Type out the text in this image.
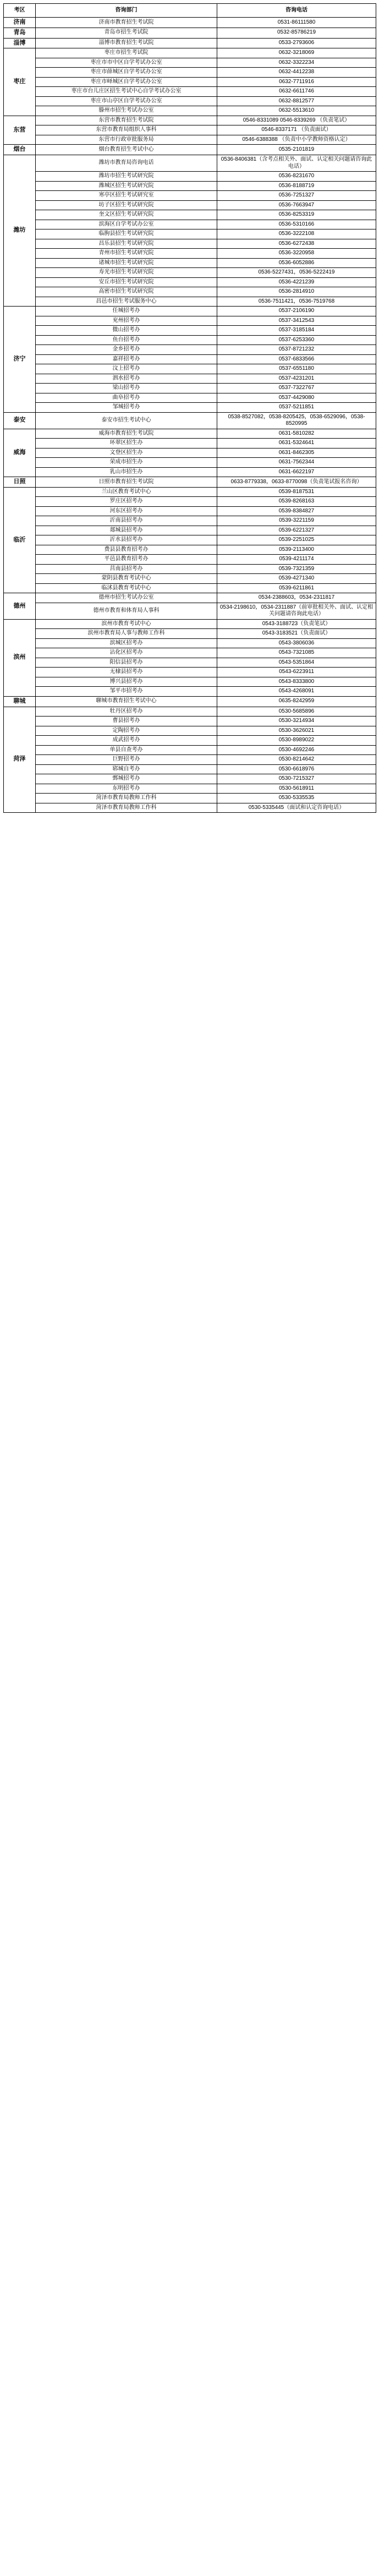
考区	咨询部门	咨询电话
济南	济南市教育招生考试院	0531-86111580
青岛	青岛市招生考试院	0532-85786219
淄博	淄博市教育招生考试院	0533-2793606
枣庄	枣庄市招生考试院	0632-3218069
	枣庄市市中区自学考试办公室	0632-3322234
	枣庄市薛城区自学考试办公室	0632-4412238
	枣庄市峄城区自学考试办公室	0632-7711916
	枣庄市台儿庄区招生考试中心自学考试办公室	0632-6611746
	枣庄市山亭区自学考试办公室	0632-8812577
	滕州市招生考试办公室	0632-5513610
东营	东营市教育招生考试院	0546-8331089 0546-8339269 （负责笔试）
	东营市教育局组织人事科	0546-8337171 （负责面试）
	东营市行政审批服务局	0546-6388388 （负责中小学教师资格认定）
烟台	烟台教育招生考试中心	0535-2101819
潍坊	潍坊市教育局咨询电话	0536-8406381（含考点相关外、面试、认定相关问题请咨询此电话）
	潍坊市招生考试研究院	0536-8231670
	潍城区招生考试研究院	0536-8188719
	寒亭区招生考试研究室	0536-7251327
	坊子区招生考试研究院	0536-7663947
	奎文区招生考试研究院	0536-8253319
	滨海区自学考试办公室	0536-5310166
	临朐县招生考试研究院	0536-3222108
	昌乐县招生考试研究院	0536-6272438
	青州市招生考试研究院	0536-3220958
	诸城市招生考试研究院	0536-6052886
	寿光市招生考试研究院	0536-5227431，0536-5222419
	安丘市招生考试研究院	0536-4221239
	高密市招生考试研究院	0536-2814910
	昌邑市招生考试服务中心	0536-7511421，0536-7519768
济宁	任城招考办	0537-2106190
	兖州招考办	0537-3412543
	微山招考办	0537-3185184
	鱼台招考办	0537-6253360
	金乡招考办	0537-8721232
	嘉祥招考办	0537-6833566
	汶上招考办	0537-6551180
	泗水招考办	0537-4231201
	梁山招考办	0537-7322767
	曲阜招考办	0537-4429080
	邹城招考办	0537-5211851
泰安	泰安市招生考试中心	0538-8527082，0538-8205425，0538-6529096，0538-8520995
威海	威海市教育招生考试院	0631-5810282
	环翠区招生办	0631-5324641
	文登区招生办	0631-8462305
	荣成市招生办	0631-7562344
	乳山市招生办	0631-6622197
日照	日照市教育招生考试院	0633-8779338，0633-8770098（负责笔试报名咨询）
临沂	兰山区教育考试中心	0539-8187531
	罗庄区招考办	0539-8268163
	河东区招考办	0539-8384827
	沂南县招考办	0539-3221159
	郯城县招考办	0539-6221327
	沂水县招考办	0539-2251025
	费县县教育招考办	0539-2113400
	平邑县教育招考办	0539-4211174
	莒南县招考办	0539-7321359
	蒙阴县教育考试中心	0539-4271340
	临沭县教育考试中心	0539-6211861
德州	德州市招生考试办公室	0534-2388603，0534-2311817
	德州市教育和体育局人事科	0534-2198610，0534-2311887（前审批相关外、面试、认定相关问题请咨询此电话）
滨州	滨州市教育考试中心	0543-3188723（负责笔试）
	滨州市教育局人事与教师工作科	0543-3183521（负责面试）
	滨城区招考办	0543-3806036
	沾化区招考办	0543-7321085
	阳信县招考办	0543-5351864
	无棣县招考办	0543-6223911
	博兴县招考办	0543-8333800
	邹平市招考办	0543-4268091
聊城	聊城市教育招生考试中心	0635-8242959
菏泽	牡丹区招考办	0530-5685896
	曹县招考办	0530-3214934
	定陶招考办	0530-3626021
	成武招考办	0530-8989022
	单县自查考办	0530-4692246
	巨野招考办	0530-8214642
	郓城自考办	0530-6618976
	鄄城招考办	0530-7215327
	东明招考办	0530-5618911
	菏泽市教育局教师工作科	0530-5335535
	菏泽市教育局教师工作科	0530-5335445（面试和认定咨询电话）
